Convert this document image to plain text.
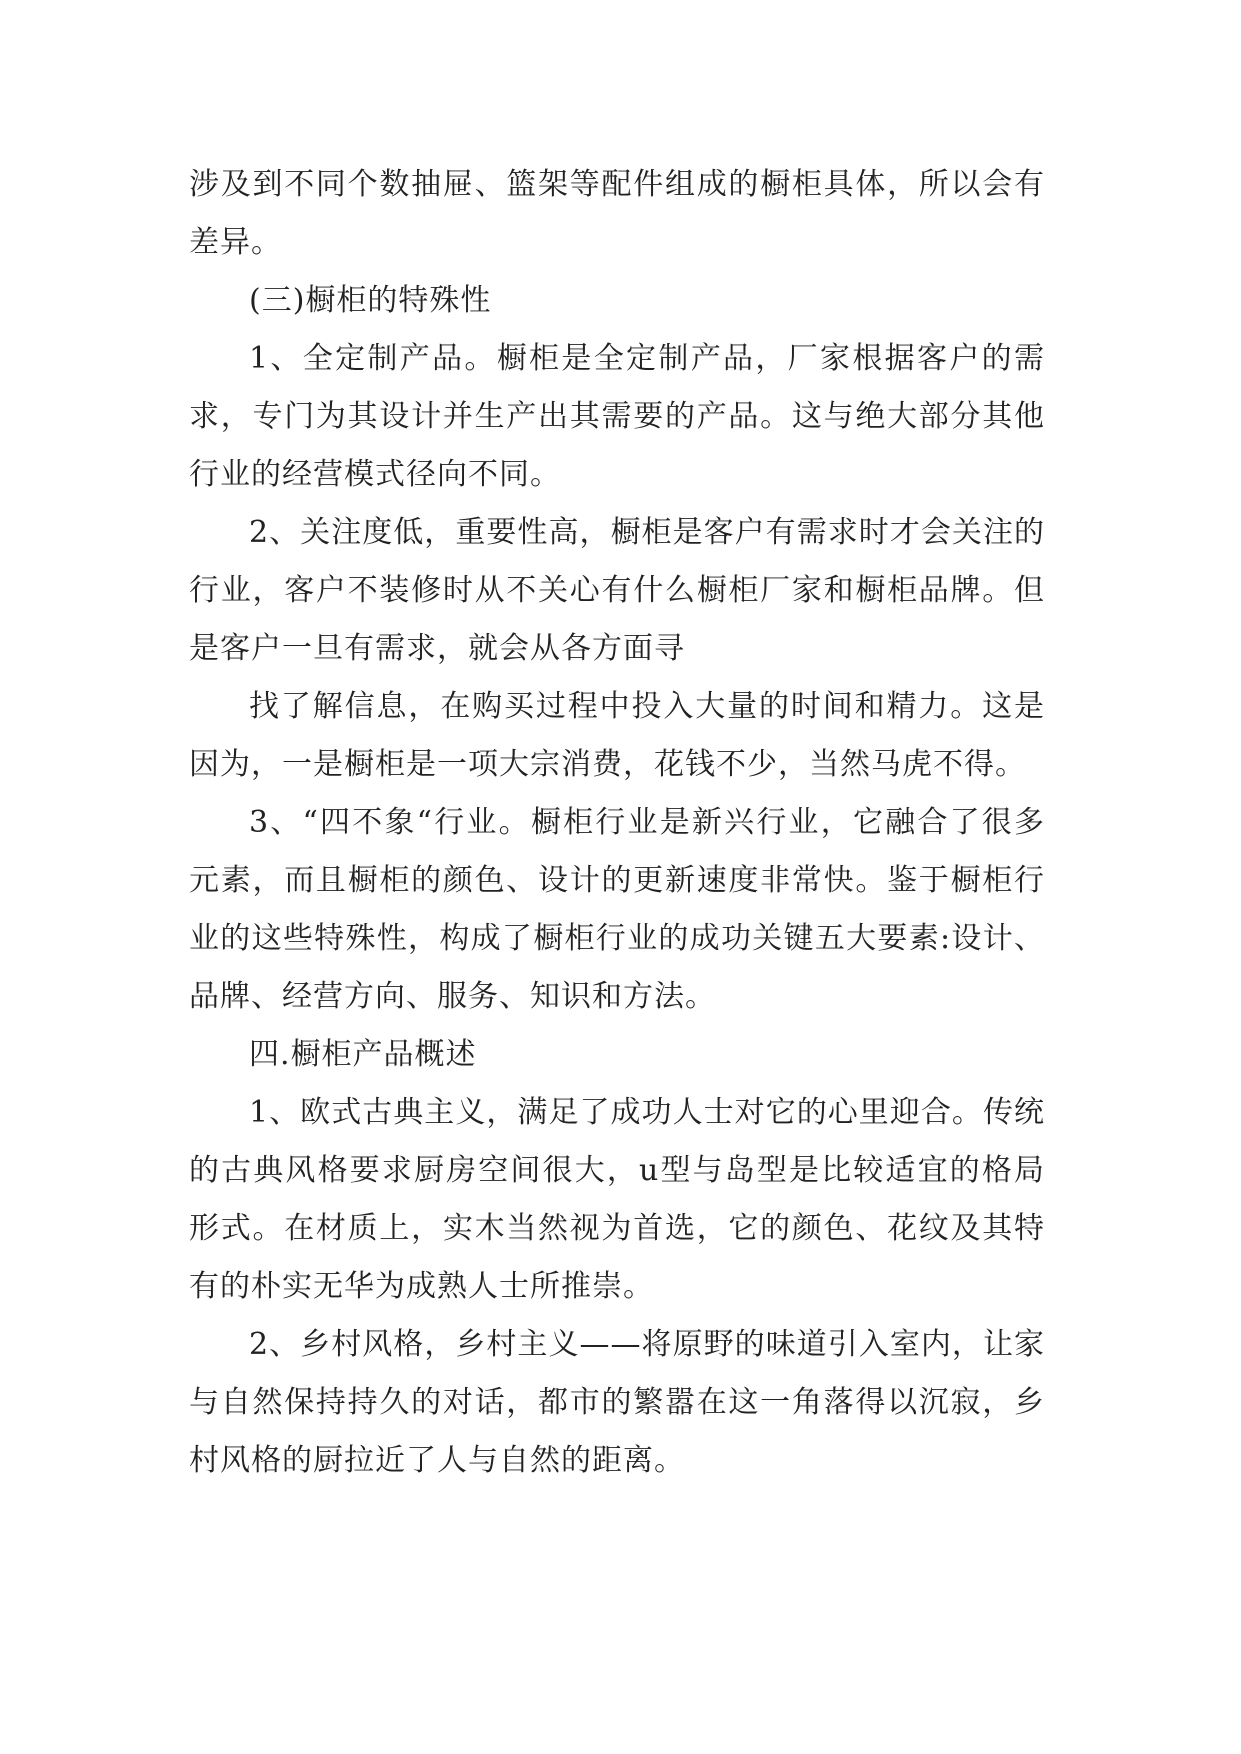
涉及到不同个数抽屉、篮架等配件组成的橱柜具体，所以会有差异。

(三)橱柜的特殊性

1、全定制产品。橱柜是全定制产品，厂家根据客户的需求，专门为其设计并生产出其需要的产品。这与绝大部分其他行业的经营模式径向不同。

2、关注度低，重要性高，橱柜是客户有需求时才会关注的行业，客户不装修时从不关心有什么橱柜厂家和橱柜品牌。但是客户一旦有需求，就会从各方面寻

找了解信息，在购买过程中投入大量的时间和精力。这是因为，一是橱柜是一项大宗消费，花钱不少，当然马虎不得。

3、“四不象“行业。橱柜行业是新兴行业，它融合了很多元素，而且橱柜的颜色、设计的更新速度非常快。鉴于橱柜行业的这些特殊性，构成了橱柜行业的成功关键五大要素:设计、品牌、经营方向、服务、知识和方法。

四.橱柜产品概述

1、欧式古典主义，满足了成功人士对它的心里迎合。传统的古典风格要求厨房空间很大，u型与岛型是比较适宜的格局形式。在材质上，实木当然视为首选，它的颜色、花纹及其特有的朴实无华为成熟人士所推崇。

2、乡村风格，乡村主义——将原野的味道引入室内，让家与自然保持持久的对话，都市的繁嚣在这一角落得以沉寂，乡村风格的厨拉近了人与自然的距离。
